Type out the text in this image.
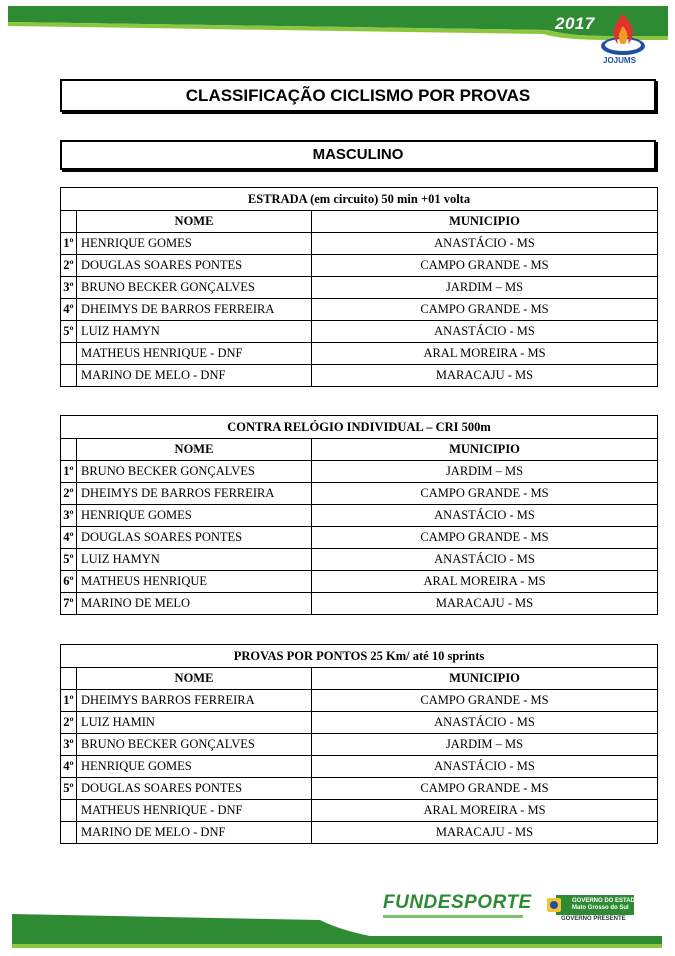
2017
JOJUMS
CLASSIFICAÇÃO CICLISMO POR PROVAS
MASCULINO
ESTRADA (em circuito) 50 min +01 volta		
	NOME	MUNICIPIO
1º	HENRIQUE GOMES	ANASTÁCIO - MS
2º	DOUGLAS SOARES PONTES	CAMPO GRANDE - MS
3º	BRUNO BECKER GONÇALVES	JARDIM – MS
4º	DHEIMYS DE BARROS FERREIRA	CAMPO GRANDE - MS
5º	LUIZ HAMYN	ANASTÁCIO - MS
	MATHEUS HENRIQUE - DNF	ARAL MOREIRA - MS
	MARINO DE MELO - DNF	MARACAJU - MS
CONTRA RELÓGIO INDIVIDUAL – CRI 500m		
	NOME	MUNICIPIO
1º	BRUNO BECKER GONÇALVES	JARDIM – MS
2º	DHEIMYS DE BARROS FERREIRA	CAMPO GRANDE - MS
3º	HENRIQUE GOMES	ANASTÁCIO - MS
4º	DOUGLAS SOARES PONTES	CAMPO GRANDE - MS
5º	LUIZ HAMYN	ANASTÁCIO - MS
6º	MATHEUS HENRIQUE	ARAL MOREIRA - MS
7º	MARINO DE MELO	MARACAJU - MS
PROVAS POR PONTOS 25 Km/ até 10 sprints		
	NOME	MUNICIPIO
1º	DHEIMYS BARROS FERREIRA	CAMPO GRANDE - MS
2º	LUIZ HAMIN	ANASTÁCIO - MS
3º	BRUNO BECKER GONÇALVES	JARDIM – MS
4º	HENRIQUE GOMES	ANASTÁCIO - MS
5º	DOUGLAS SOARES PONTES	CAMPO GRANDE - MS
	MATHEUS HENRIQUE - DNF	ARAL MOREIRA - MS
	MARINO DE MELO - DNF	MARACAJU - MS
FUNDESPORTE	GOVERNO DO ESTADO
Mato Grosso do Sul
GOVERNO PRESENTE
